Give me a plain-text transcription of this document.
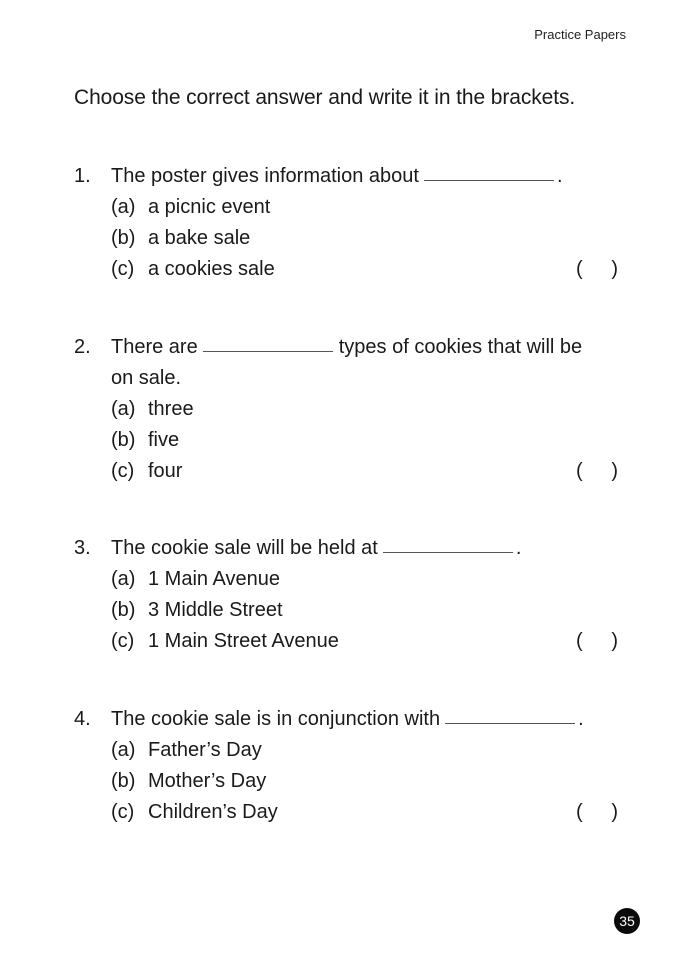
Practice Papers
Choose the correct answer and write it in the brackets.
1.	The poster gives information about	.
(a) a picnic event
(b) a bake sale
(c) a cookies sale	( )
2.	There are	types of cookies that will be
on sale.
(a) three
(b) five
(c) four	( )
3.	The cookie sale will be held at	.
(a) 1 Main Avenue
(b) 3 Middle Street
(c) 1 Main Street Avenue	( )
4.	The cookie sale is in conjunction with	.
(a) Father’s Day
(b) Mother’s Day
(c) Children’s Day	( )
35
